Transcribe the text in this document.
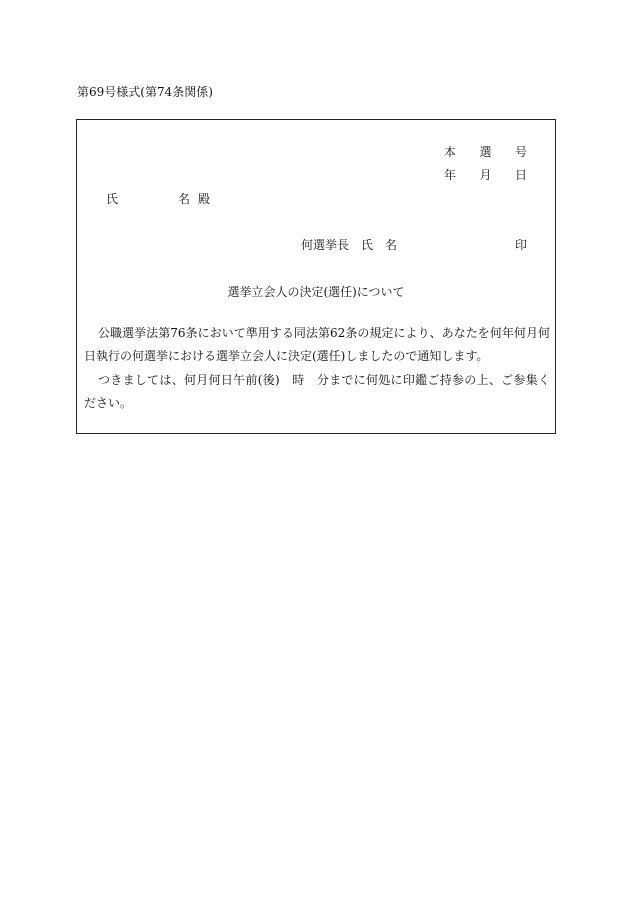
第69号様式(第74条関係)
本 選 号
年 月 日
氏	名 殿
何選挙長 氏 名	印
選挙立会人の決定(選任)について
公職選挙法第76条において準用する同法第62条の規定により、あなたを何年何月何日執行の何選挙における選挙立会人に決定(選任)しましたので通知します。
つきましては、何月何日午前(後)　時　分までに何処に印鑑ご持参の上、ご参集ください。
